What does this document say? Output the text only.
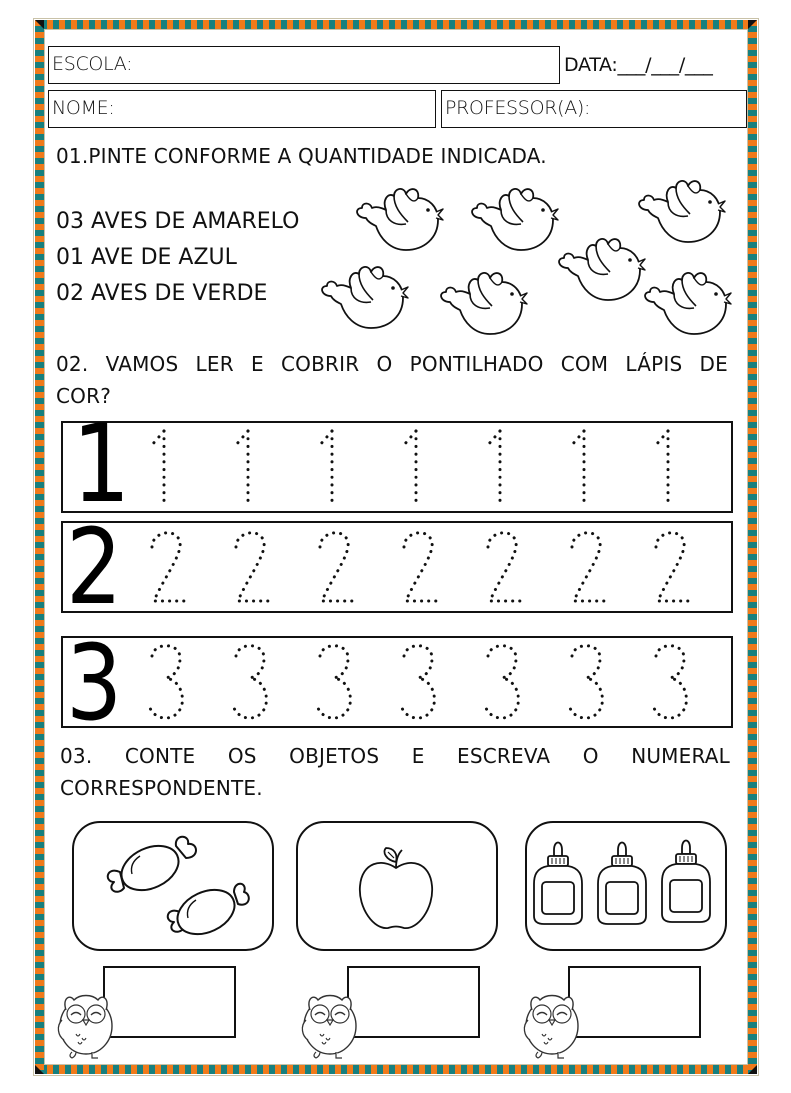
ESCOLA:	DATA:___/___/___
NOME:	PROFESSOR(A):
01.PINTE CONFORME A QUANTIDADE INDICADA.
03 AVES DE AMARELO
01 AVE DE AZUL
02 AVES DE VERDE
02. VAMOS LER E COBRIR O PONTILHADO COM LÁPIS DE
COR?
1
2
3
03. CONTE OS OBJETOS E ESCREVA O NUMERAL
CORRESPONDENTE.
